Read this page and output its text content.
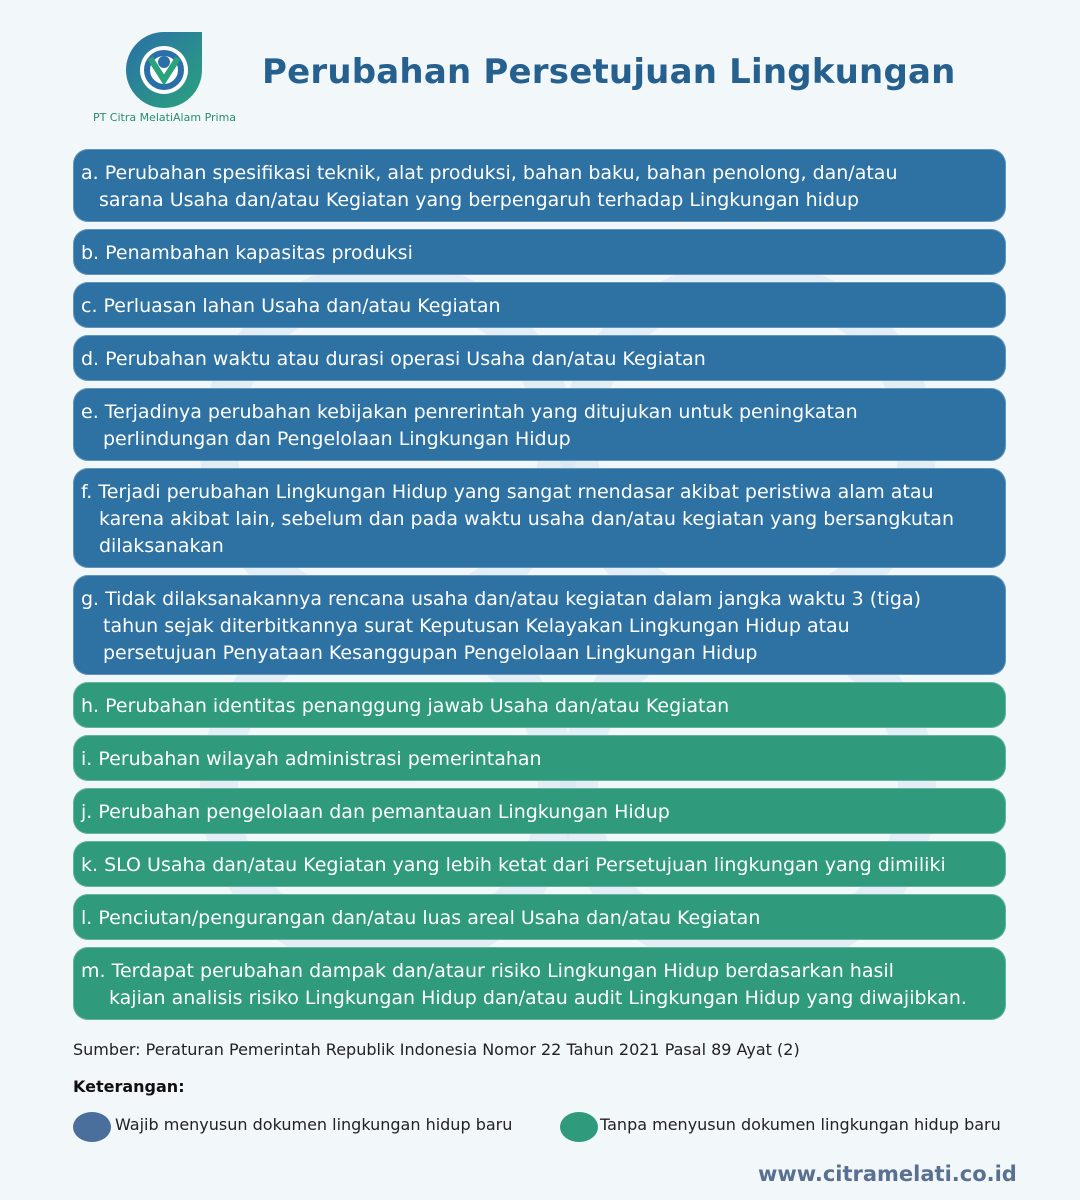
PT Citra MelatiAlam Prima
Perubahan Persetujuan Lingkungan
a. Perubahan spesifikasi teknik, alat produksi, bahan baku, bahan penolong, dan/atau
sarana Usaha dan/atau Kegiatan yang berpengaruh terhadap Lingkungan hidup
b. Penambahan kapasitas produksi
c. Perluasan lahan Usaha dan/atau Kegiatan
d. Perubahan waktu atau durasi operasi Usaha dan/atau Kegiatan
e. Terjadinya perubahan kebijakan penrerintah yang ditujukan untuk peningkatan
perlindungan dan Pengelolaan Lingkungan Hidup
f. Terjadi perubahan Lingkungan Hidup yang sangat rnendasar akibat peristiwa alam atau
karena akibat lain, sebelum dan pada waktu usaha dan/atau kegiatan yang bersangkutan
dilaksanakan
g. Tidak dilaksanakannya rencana usaha dan/atau kegiatan dalam jangka waktu 3 (tiga)
tahun sejak diterbitkannya surat Keputusan Kelayakan Lingkungan Hidup atau
persetujuan Penyataan Kesanggupan Pengelolaan Lingkungan Hidup
h. Perubahan identitas penanggung jawab Usaha dan/atau Kegiatan
i. Perubahan wilayah administrasi pemerintahan
j. Perubahan pengelolaan dan pemantauan Lingkungan Hidup
k. SLO Usaha dan/atau Kegiatan yang lebih ketat dari Persetujuan lingkungan yang dimiliki
l. Penciutan/pengurangan dan/atau luas areal Usaha dan/atau Kegiatan
m. Terdapat perubahan dampak dan/ataur risiko Lingkungan Hidup berdasarkan hasil
kajian analisis risiko Lingkungan Hidup dan/atau audit Lingkungan Hidup yang diwajibkan.
Sumber: Peraturan Pemerintah Republik Indonesia Nomor 22 Tahun 2021 Pasal 89 Ayat (2)
Keterangan:
Wajib menyusun dokumen lingkungan hidup baru	Tanpa menyusun dokumen lingkungan hidup baru
www.citramelati.co.id
